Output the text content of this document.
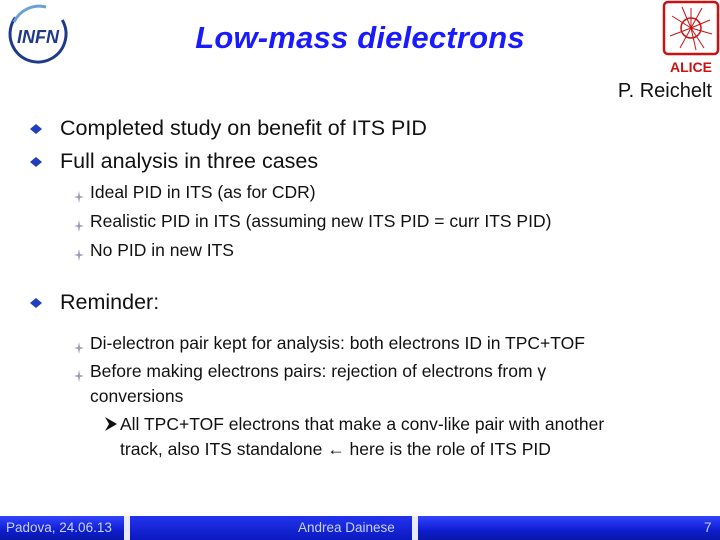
INFN
ALICE
Low-mass dielectrons
P. Reichelt
Completed study on benefit of ITS PID
Full analysis in three cases
Ideal PID in ITS (as for CDR)
Realistic PID in ITS (assuming new ITS PID = curr ITS PID)
No PID in new ITS
Reminder:
Di-electron pair kept for analysis: both electrons ID in TPC+TOF
Before making electrons pairs: rejection of electrons from γ
conversions
All TPC+TOF electrons that make a conv-like pair with another
track, also ITS standalone ← here is the role of ITS PID
Padova, 24.06.13	Andrea Dainese	7
